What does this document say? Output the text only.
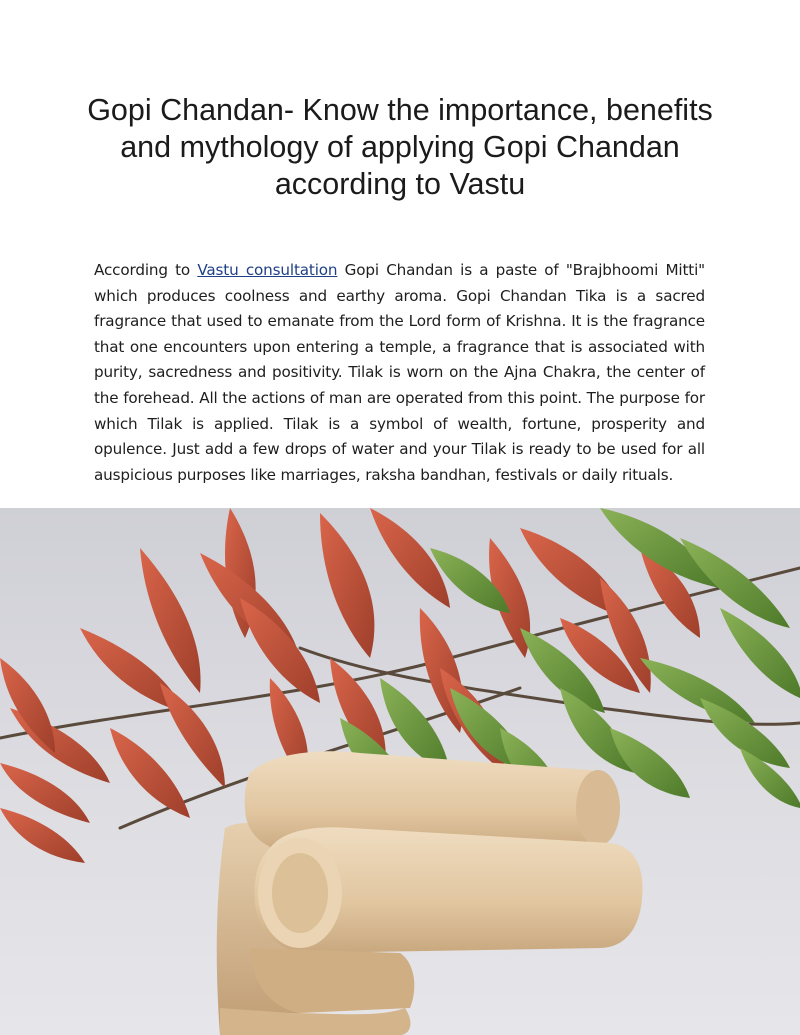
Gopi Chandan- Know the importance, benefits and mythology of applying Gopi Chandan according to Vastu

According to Vastu consultation Gopi Chandan is a paste of "Brajbhoomi Mitti" which produces coolness and earthy aroma. Gopi Chandan Tika is a sacred fragrance that used to emanate from the Lord form of Krishna. It is the fragrance that one encounters upon entering a temple, a fragrance that is associated with purity, sacredness and positivity. Tilak is worn on the Ajna Chakra, the center of the forehead. All the actions of man are operated from this point. The purpose for which Tilak is applied. Tilak is a symbol of wealth, fortune, prosperity and opulence. Just add a few drops of water and your Tilak is ready to be used for all auspicious purposes like marriages, raksha bandhan, festivals or daily rituals.
